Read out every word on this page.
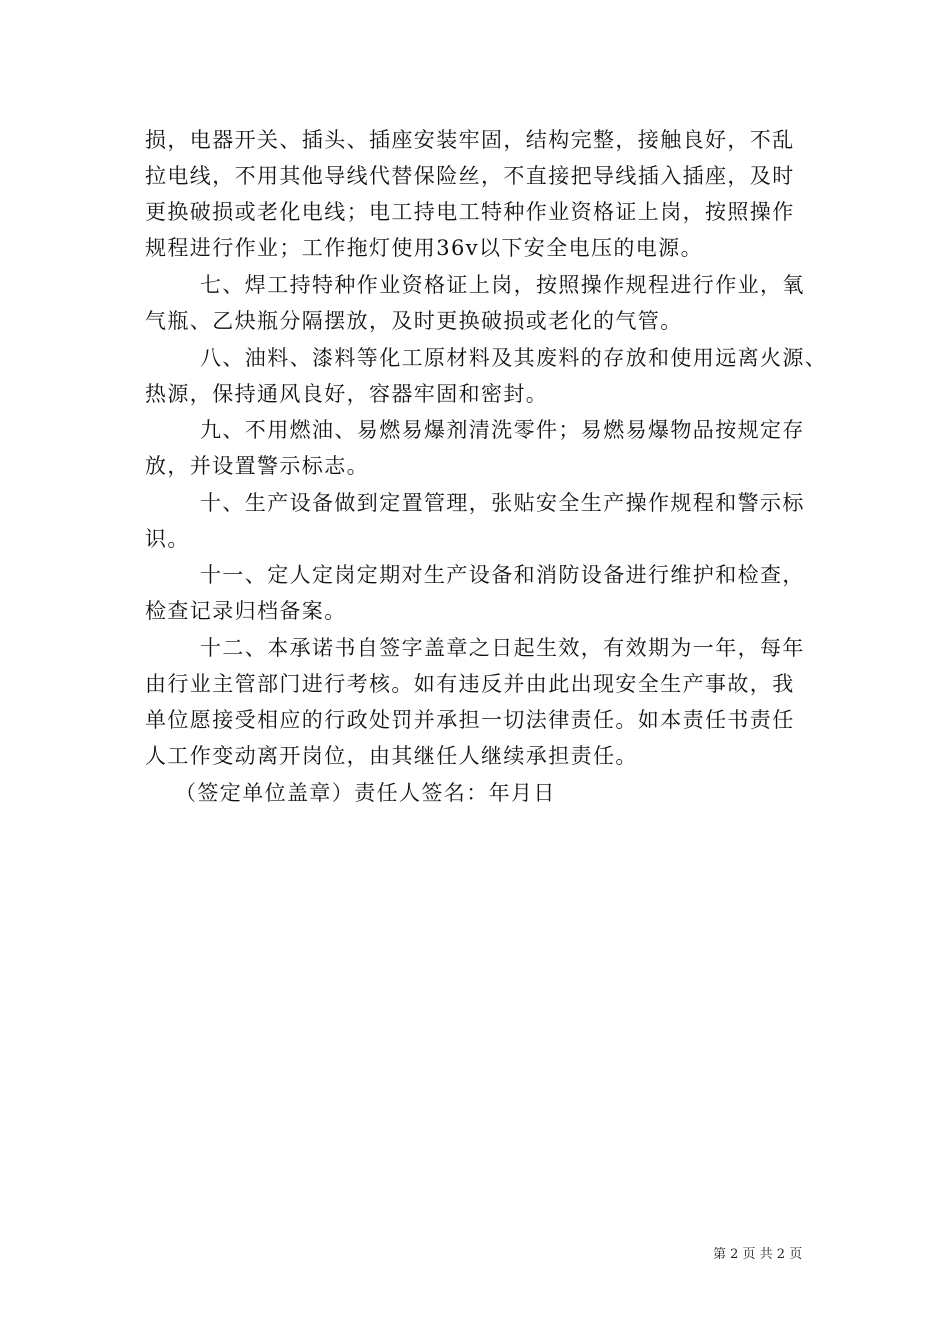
损，电器开关、插头、插座安装牢固，结构完整，接触良好，不乱
拉电线，不用其他导线代替保险丝，不直接把导线插入插座，及时
更换破损或老化电线；电工持电工特种作业资格证上岗，按照操作
规程进行作业；工作拖灯使用36v以下安全电压的电源。
七、焊工持特种作业资格证上岗，按照操作规程进行作业，氧
气瓶、乙炔瓶分隔摆放，及时更换破损或老化的气管。
八、油料、漆料等化工原材料及其废料的存放和使用远离火源、
热源，保持通风良好，容器牢固和密封。
九、不用燃油、易燃易爆剂清洗零件；易燃易爆物品按规定存
放，并设置警示标志。
十、生产设备做到定置管理，张贴安全生产操作规程和警示标
识。
十一、定人定岗定期对生产设备和消防设备进行维护和检查，
检查记录归档备案。
十二、本承诺书自签字盖章之日起生效，有效期为一年，每年
由行业主管部门进行考核。如有违反并由此出现安全生产事故，我
单位愿接受相应的行政处罚并承担一切法律责任。如本责任书责任
人工作变动离开岗位，由其继任人继续承担责任。
（签定单位盖章）责任人签名：年月日
第 2 页 共 2 页
